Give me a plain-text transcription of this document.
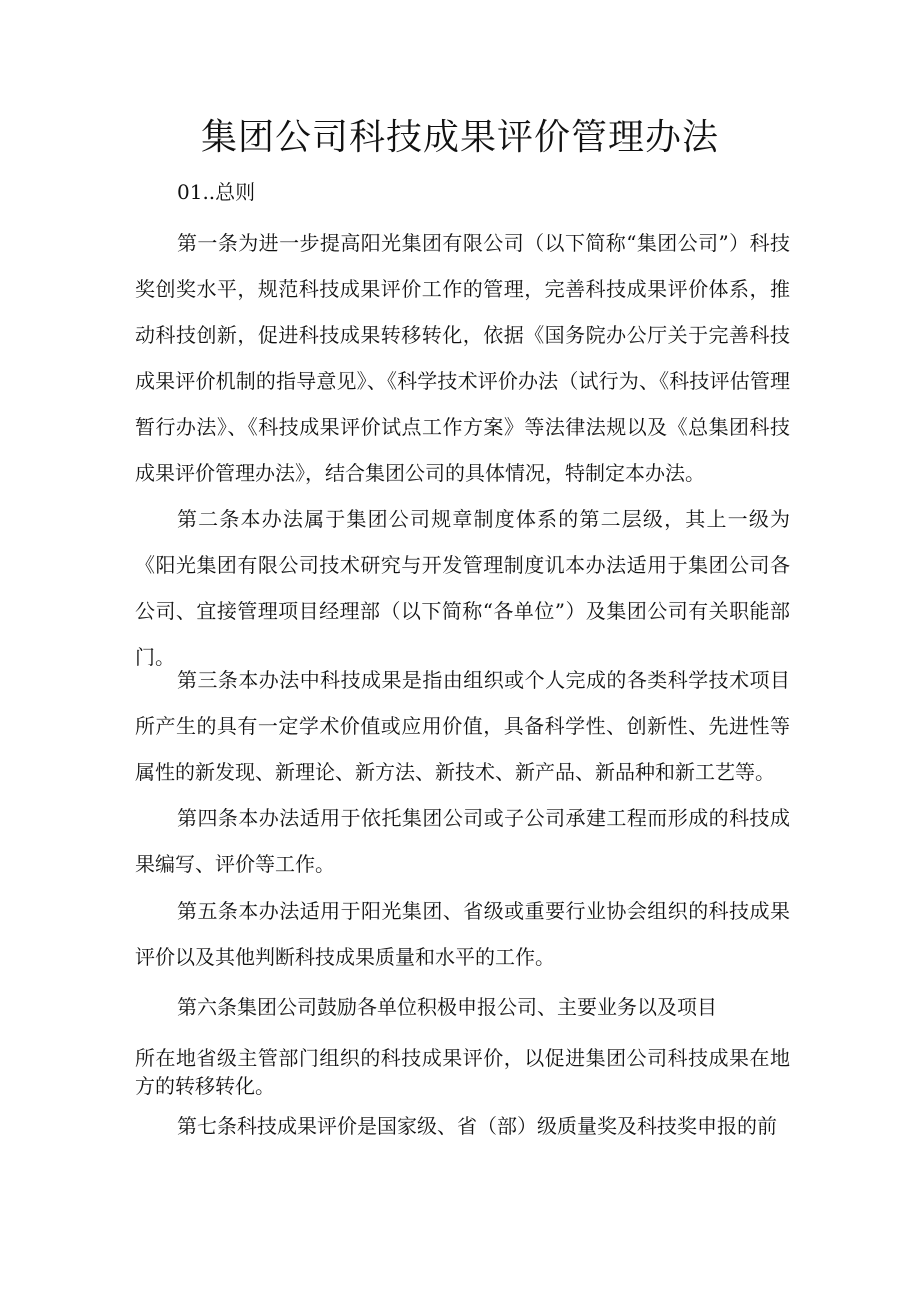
集团公司科技成果评价管理办法
01..总则
第一条为进一步提高阳光集团有限公司（以下简称“集团公司”）科技奖创奖水平，规范科技成果评价工作的管理，完善科技成果评价体系，推动科技创新，促进科技成果转移转化，依据《国务院办公厅关于完善科技成果评价机制的指导意见》、《科学技术评价办法（试行为、《科技评估管理暂行办法》、《科技成果评价试点工作方案》等法律法规以及《总集团科技成果评价管理办法》，结合集团公司的具体情况，特制定本办法。
第二条本办法属于集团公司规章制度体系的第二层级，其上一级为《阳光集团有限公司技术研究与开发管理制度讥本办法适用于集团公司各公司、宜接管理项目经理部（以下简称“各单位”）及集团公司有关职能部门。
第三条本办法中科技成果是指由组织或个人完成的各类科学技术项目所产生的具有一定学术价值或应用价值，具备科学性、创新性、先进性等属性的新发现、新理论、新方法、新技术、新产品、新品种和新工艺等。
第四条本办法适用于依托集团公司或子公司承建工程而形成的科技成果编写、评价等工作。
第五条本办法适用于阳光集团、省级或重要行业协会组织的科技成果评价以及其他判断科技成果质量和水平的工作。
第六条集团公司鼓励各单位积极申报公司、主要业务以及项目
所在地省级主管部门组织的科技成果评价，以促进集团公司科技成果在地方的转移转化。
第七条科技成果评价是国家级、省（部）级质量奖及科技奖申报的前
